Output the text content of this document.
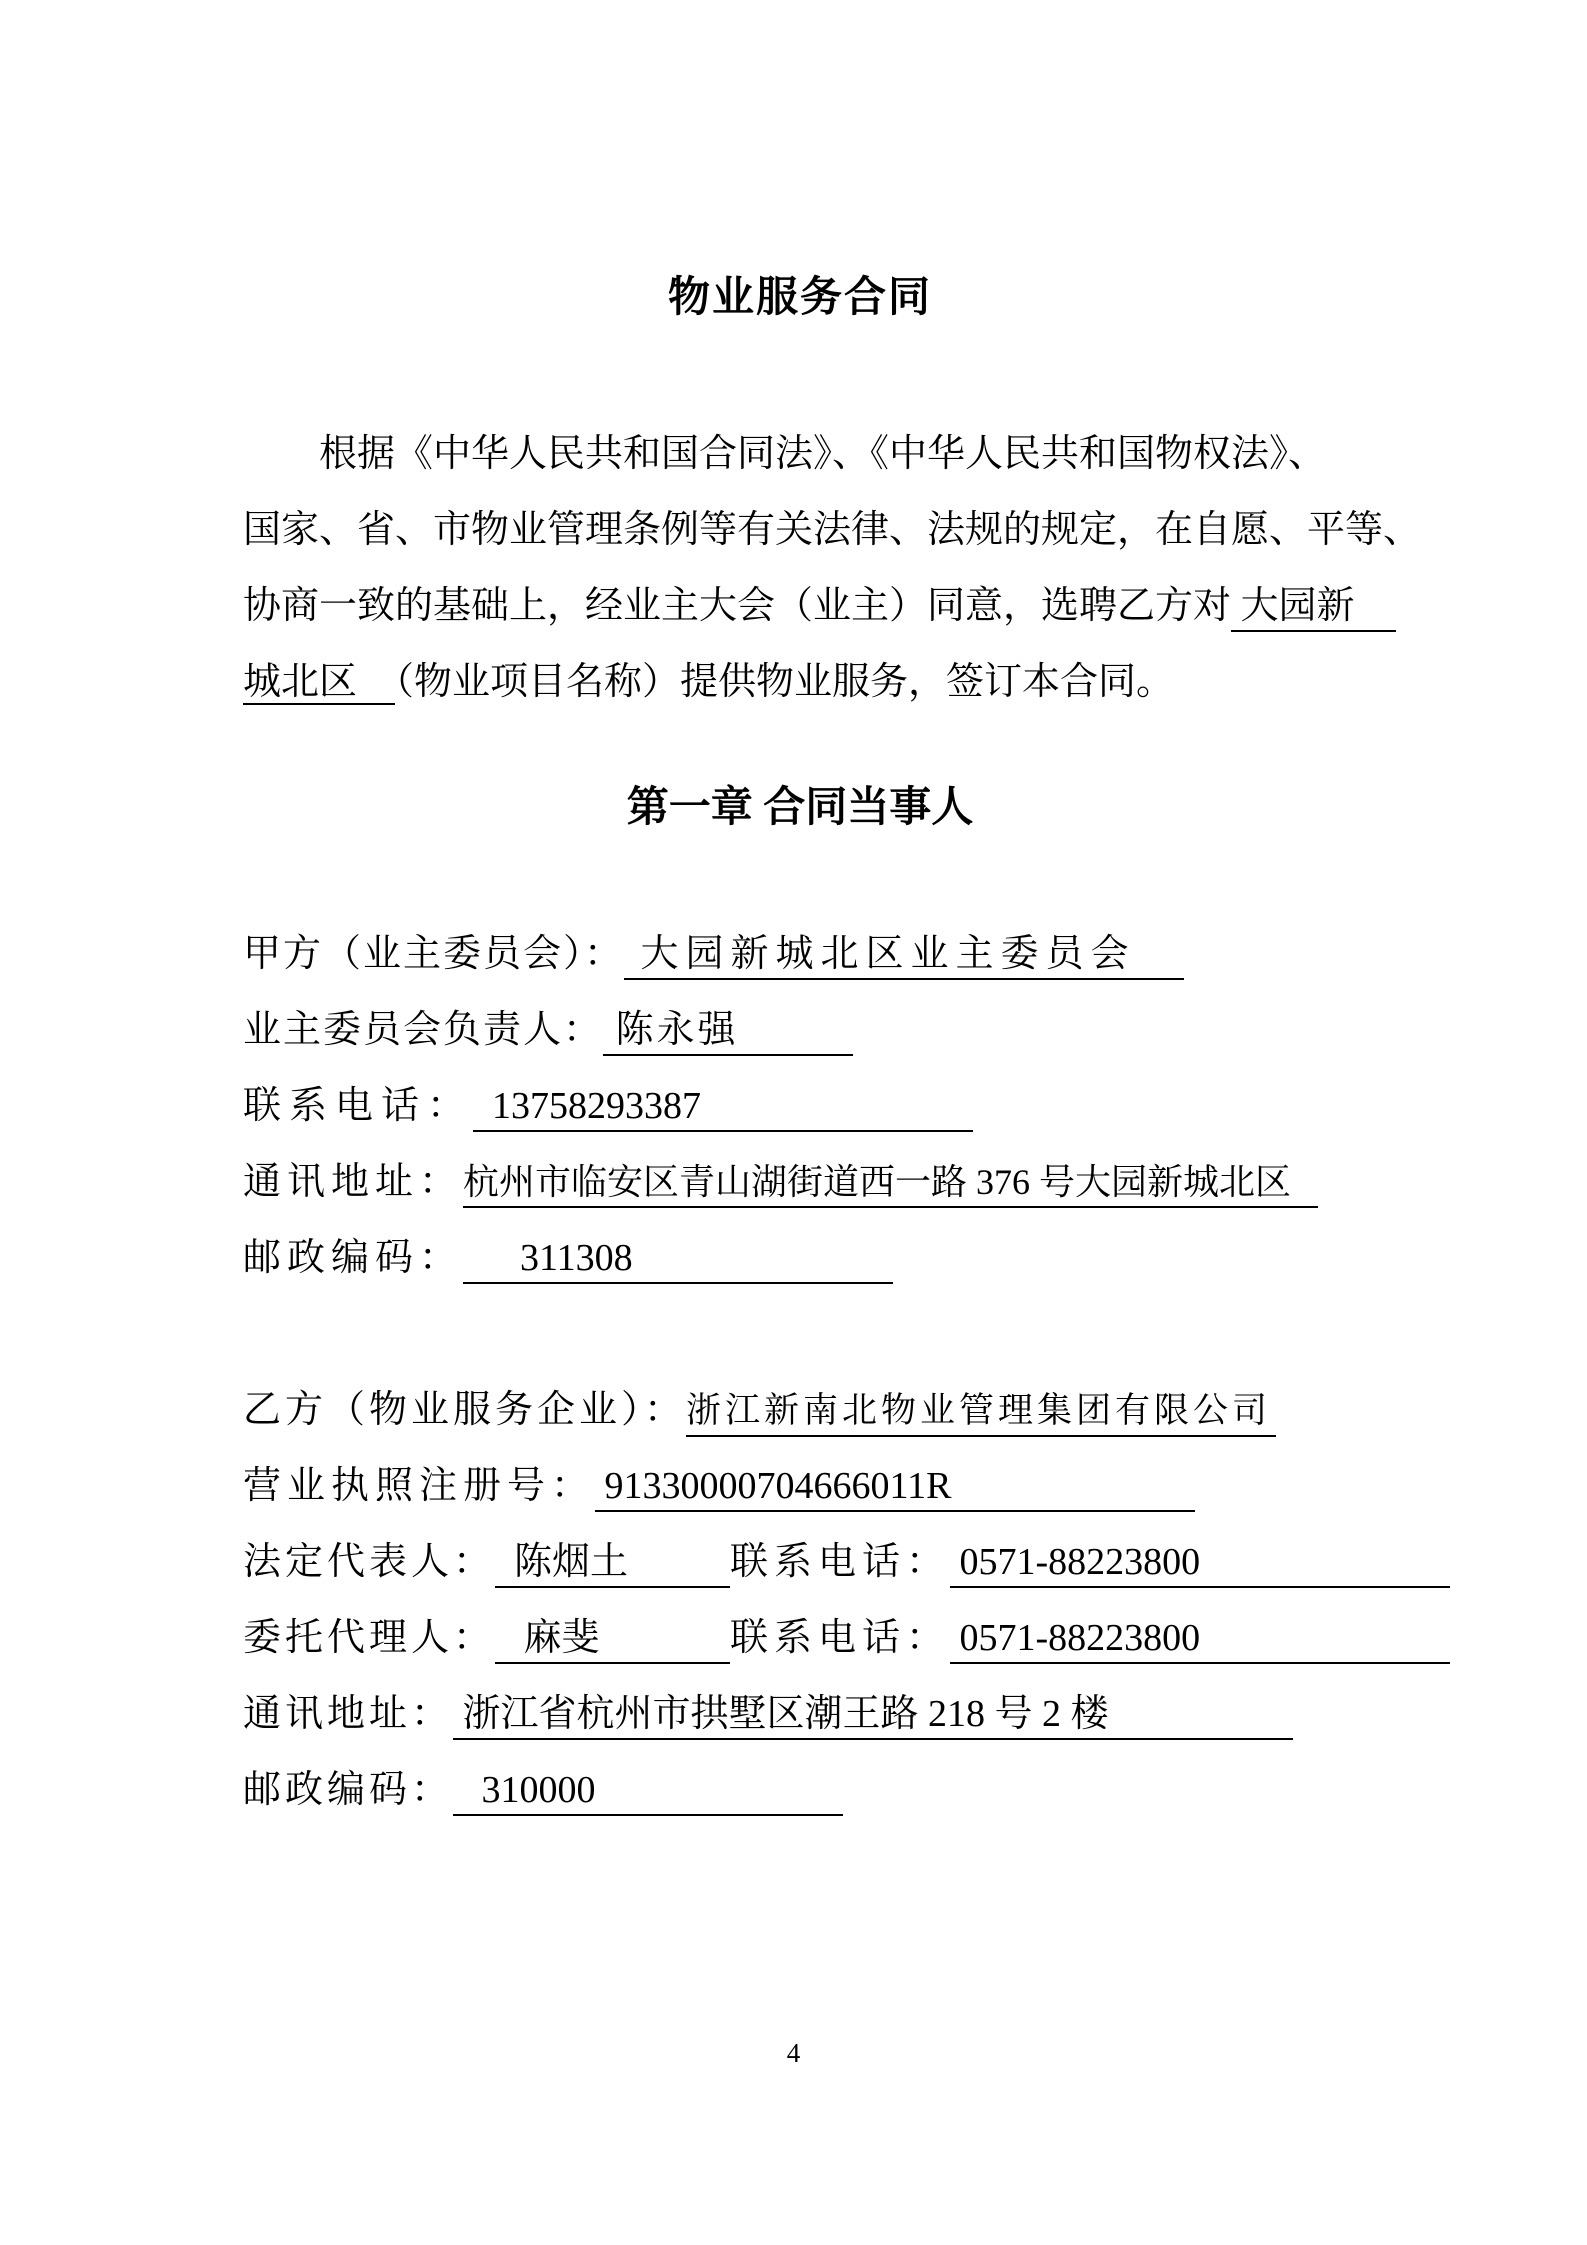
物业服务合同
根据《中华人民共和国合同法》、《中华人民共和国物权法》、
国家、省、市物业管理条例等有关法律、法规的规定，在自愿、平等、
协商一致的基础上，经业主大会（业主）同意，选聘乙方对 大园新
城北区　（物业项目名称）提供物业服务，签订本合同。
第一章 合同当事人
甲方（业主委员会）： 大园新城北区业主委员会
业主委员会负责人： 陈永强
联系电话：  13758293387
通讯地址：杭州市临安区青山湖街道西一路 376 号大园新城北区
邮政编码：      311308
乙方（物业服务企业）：浙江新南北物业管理集团有限公司
营业执照注册号： 91330000704666011R
法定代表人：  陈烟土	联系电话： 0571-88223800
委托代理人：   麻斐	联系电话： 0571-88223800
通讯地址： 浙江省杭州市拱墅区潮王路 218 号 2 楼
邮政编码：   310000
4
